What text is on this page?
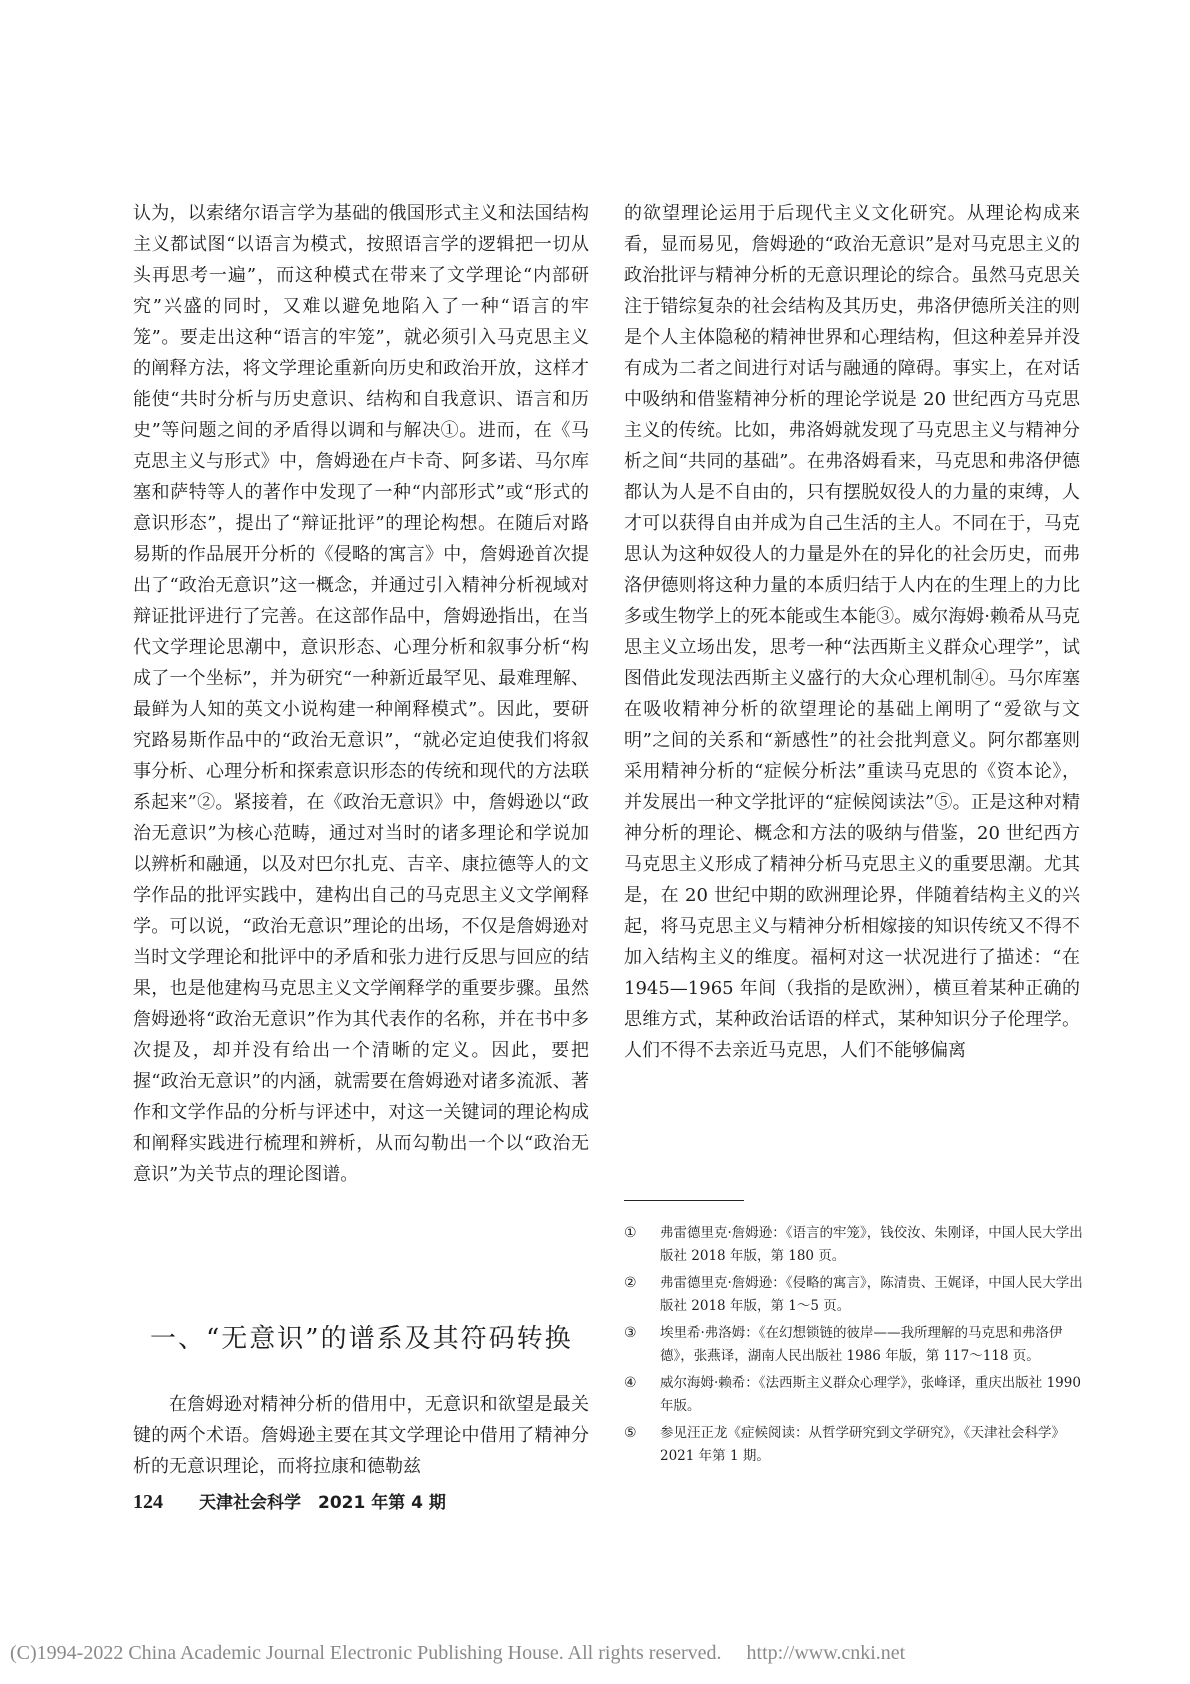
认为，以索绪尔语言学为基础的俄国形式主义和法国结构主义都试图“以语言为模式，按照语言学的逻辑把一切从头再思考一遍”，而这种模式在带来了文学理论“内部研究”兴盛的同时，又难以避免地陷入了一种“语言的牢笼”。要走出这种“语言的牢笼”，就必须引入马克思主义的阐释方法，将文学理论重新向历史和政治开放，这样才能使“共时分析与历史意识、结构和自我意识、语言和历史”等问题之间的矛盾得以调和与解决①。进而，在《马克思主义与形式》中，詹姆逊在卢卡奇、阿多诺、马尔库塞和萨特等人的著作中发现了一种“内部形式”或“形式的意识形态”，提出了“辩证批评”的理论构想。在随后对路易斯的作品展开分析的《侵略的寓言》中，詹姆逊首次提出了“政治无意识”这一概念，并通过引入精神分析视域对辩证批评进行了完善。在这部作品中，詹姆逊指出，在当代文学理论思潮中，意识形态、心理分析和叙事分析“构成了一个坐标”，并为研究“一种新近最罕见、最难理解、最鲜为人知的英文小说构建一种阐释模式”。因此，要研究路易斯作品中的“政治无意识”，“就必定迫使我们将叙事分析、心理分析和探索意识形态的传统和现代的方法联系起来”②。紧接着，在《政治无意识》中，詹姆逊以“政治无意识”为核心范畴，通过对当时的诸多理论和学说加以辨析和融通，以及对巴尔扎克、吉辛、康拉德等人的文学作品的批评实践中，建构出自己的马克思主义文学阐释学。可以说，“政治无意识”理论的出场，不仅是詹姆逊对当时文学理论和批评中的矛盾和张力进行反思与回应的结果，也是他建构马克思主义文学阐释学的重要步骤。虽然詹姆逊将“政治无意识”作为其代表作的名称，并在书中多次提及，却并没有给出一个清晰的定义。因此，要把握“政治无意识”的内涵，就需要在詹姆逊对诸多流派、著作和文学作品的分析与评述中，对这一关键词的理论构成和阐释实践进行梳理和辨析，从而勾勒出一个以“政治无意识”为关节点的理论图谱。

一、“无意识”的谱系及其符码转换

在詹姆逊对精神分析的借用中，无意识和欲望是最关键的两个术语。詹姆逊主要在其文学理论中借用了精神分析的无意识理论，而将拉康和德勒兹

的欲望理论运用于后现代主义文化研究。从理论构成来看，显而易见，詹姆逊的“政治无意识”是对马克思主义的政治批评与精神分析的无意识理论的综合。虽然马克思关注于错综复杂的社会结构及其历史，弗洛伊德所关注的则是个人主体隐秘的精神世界和心理结构，但这种差异并没有成为二者之间进行对话与融通的障碍。事实上，在对话中吸纳和借鉴精神分析的理论学说是 20 世纪西方马克思主义的传统。比如，弗洛姆就发现了马克思主义与精神分析之间“共同的基础”。在弗洛姆看来，马克思和弗洛伊德都认为人是不自由的，只有摆脱奴役人的力量的束缚，人才可以获得自由并成为自己生活的主人。不同在于，马克思认为这种奴役人的力量是外在的异化的社会历史，而弗洛伊德则将这种力量的本质归结于人内在的生理上的力比多或生物学上的死本能或生本能③。威尔海姆·赖希从马克思主义立场出发，思考一种“法西斯主义群众心理学”，试图借此发现法西斯主义盛行的大众心理机制④。马尔库塞在吸收精神分析的欲望理论的基础上阐明了“爱欲与文明”之间的关系和“新感性”的社会批判意义。阿尔都塞则采用精神分析的“症候分析法”重读马克思的《资本论》，并发展出一种文学批评的“症候阅读法”⑤。正是这种对精神分析的理论、概念和方法的吸纳与借鉴，20 世纪西方马克思主义形成了精神分析马克思主义的重要思潮。尤其是，在 20 世纪中期的欧洲理论界，伴随着结构主义的兴起，将马克思主义与精神分析相嫁接的知识传统又不得不加入结构主义的维度。福柯对这一状况进行了描述：“在 1945—1965 年间（我指的是欧洲），横亘着某种正确的思维方式，某种政治话语的样式，某种知识分子伦理学。人们不得不去亲近马克思，人们不能够偏离

①	弗雷德里克·詹姆逊：《语言的牢笼》，钱佼汝、朱刚译，中国人民大学出版社 2018 年版，第 180 页。
②	弗雷德里克·詹姆逊：《侵略的寓言》，陈清贵、王娓译，中国人民大学出版社 2018 年版，第 1～5 页。
③	埃里希·弗洛姆：《在幻想锁链的彼岸——我所理解的马克思和弗洛伊德》，张燕译，湖南人民出版社 1986 年版，第 117～118 页。
④	威尔海姆·赖希：《法西斯主义群众心理学》，张峰译，重庆出版社 1990 年版。
⑤	参见汪正龙《症候阅读：从哲学研究到文学研究》，《天津社会科学》2021 年第 1 期。
124 天津社会科学　2021 年第 4 期
(C)1994-2022 China Academic Journal Electronic Publishing House. All rights reserved.　 http://www.cnki.net
